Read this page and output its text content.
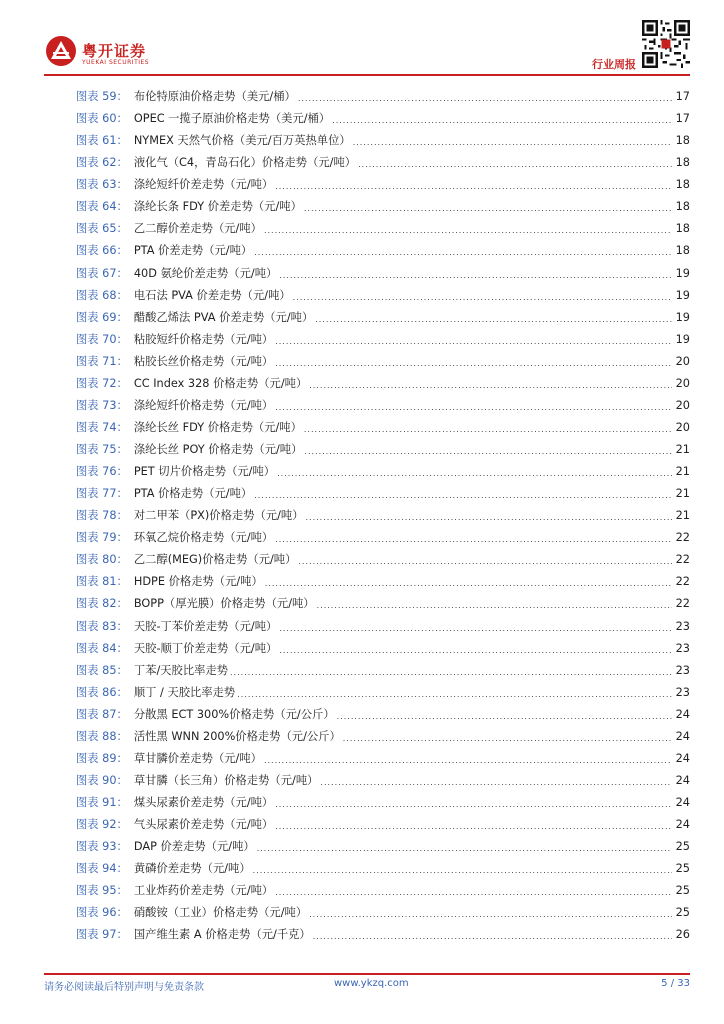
粤开证券
YUEKAI SECURITIES	行业周报
图表 59： 布伦特原油价格走势（美元/桶） .....	17
图表 60： OPEC 一揽子原油价格走势（美元/桶） .....	17
图表 61： NYMEX 天然气价格（美元/百万英热单位） .....	18
图表 62： 液化气（C4，青岛石化）价格走势（元/吨） .....	18
图表 63： 涤纶短纤价差走势（元/吨） .....	18
图表 64： 涤纶长条 FDY 价差走势（元/吨） .....	18
图表 65： 乙二醇价差走势（元/吨） .....	18
图表 66： PTA 价差走势（元/吨） .....	18
图表 67： 40D 氨纶价差走势（元/吨） .....	19
图表 68： 电石法 PVA 价差走势（元/吨） .....	19
图表 69： 醋酸乙烯法 PVA 价差走势（元/吨） .....	19
图表 70： 粘胶短纤价格走势（元/吨） .....	19
图表 71： 粘胶长丝价格走势（元/吨） .....	20
图表 72： CC Index 328 价格走势（元/吨） .....	20
图表 73： 涤纶短纤价格走势（元/吨） .....	20
图表 74： 涤纶长丝 FDY 价格走势（元/吨） .....	20
图表 75： 涤纶长丝 POY 价格走势（元/吨） .....	21
图表 76： PET 切片价格走势（元/吨） .....	21
图表 77： PTA 价格走势（元/吨） .....	21
图表 78： 对二甲苯（PX)价格走势（元/吨） .....	21
图表 79： 环氧乙烷价格走势（元/吨） .....	22
图表 80： 乙二醇(MEG)价格走势（元/吨） .....	22
图表 81： HDPE 价格走势（元/吨） .....	22
图表 82： BOPP（厚光膜）价格走势（元/吨） .....	22
图表 83： 天胶-丁苯价差走势（元/吨） .....	23
图表 84： 天胶-顺丁价差走势（元/吨） .....	23
图表 85： 丁苯/天胶比率走势 .....	23
图表 86： 顺丁 / 天胶比率走势 .....	23
图表 87： 分散黑 ECT 300%价格走势（元/公斤） .....	24
图表 88： 活性黑 WNN 200%价格走势（元/公斤） .....	24
图表 89： 草甘膦价差走势（元/吨） .....	24
图表 90： 草甘膦（长三角）价格走势（元/吨） .....	24
图表 91： 煤头尿素价差走势（元/吨） .....	24
图表 92： 气头尿素价差走势（元/吨） .....	24
图表 93： DAP 价差走势（元/吨） .....	25
图表 94： 黄磷价差走势（元/吨） .....	25
图表 95： 工业炸药价差走势（元/吨） .....	25
图表 96： 硝酸铵（工业）价格走势（元/吨） .....	25
图表 97： 国产维生素 A 价格走势（元/千克） .....	26
请务必阅读最后特别声明与免责条款	www.ykzq.com	5 / 33
